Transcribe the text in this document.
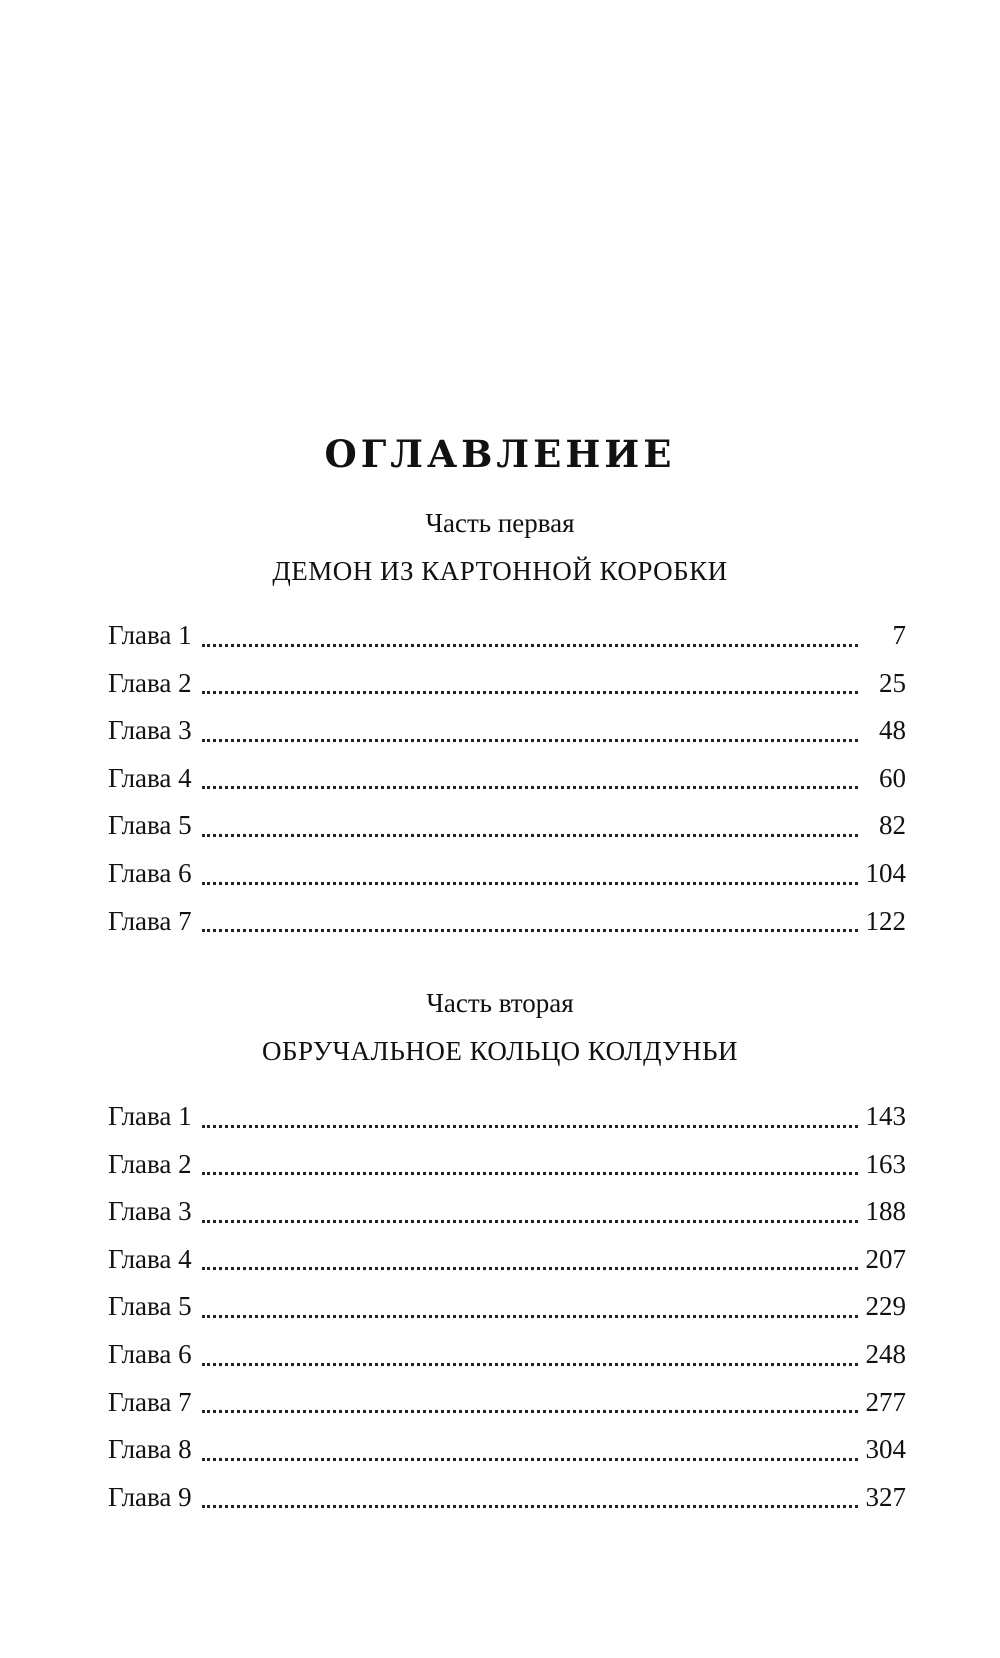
ОГЛАВЛЕНИЕ
Часть первая
ДЕМОН ИЗ КАРТОННОЙ КОРОБКИ
Глава 1	7
Глава 2	25
Глава 3	48
Глава 4	60
Глава 5	82
Глава 6	104
Глава 7	122
Часть вторая
ОБРУЧАЛЬНОЕ КОЛЬЦО КОЛДУНЬИ
Глава 1	143
Глава 2	163
Глава 3	188
Глава 4	207
Глава 5	229
Глава 6	248
Глава 7	277
Глава 8	304
Глава 9	327
